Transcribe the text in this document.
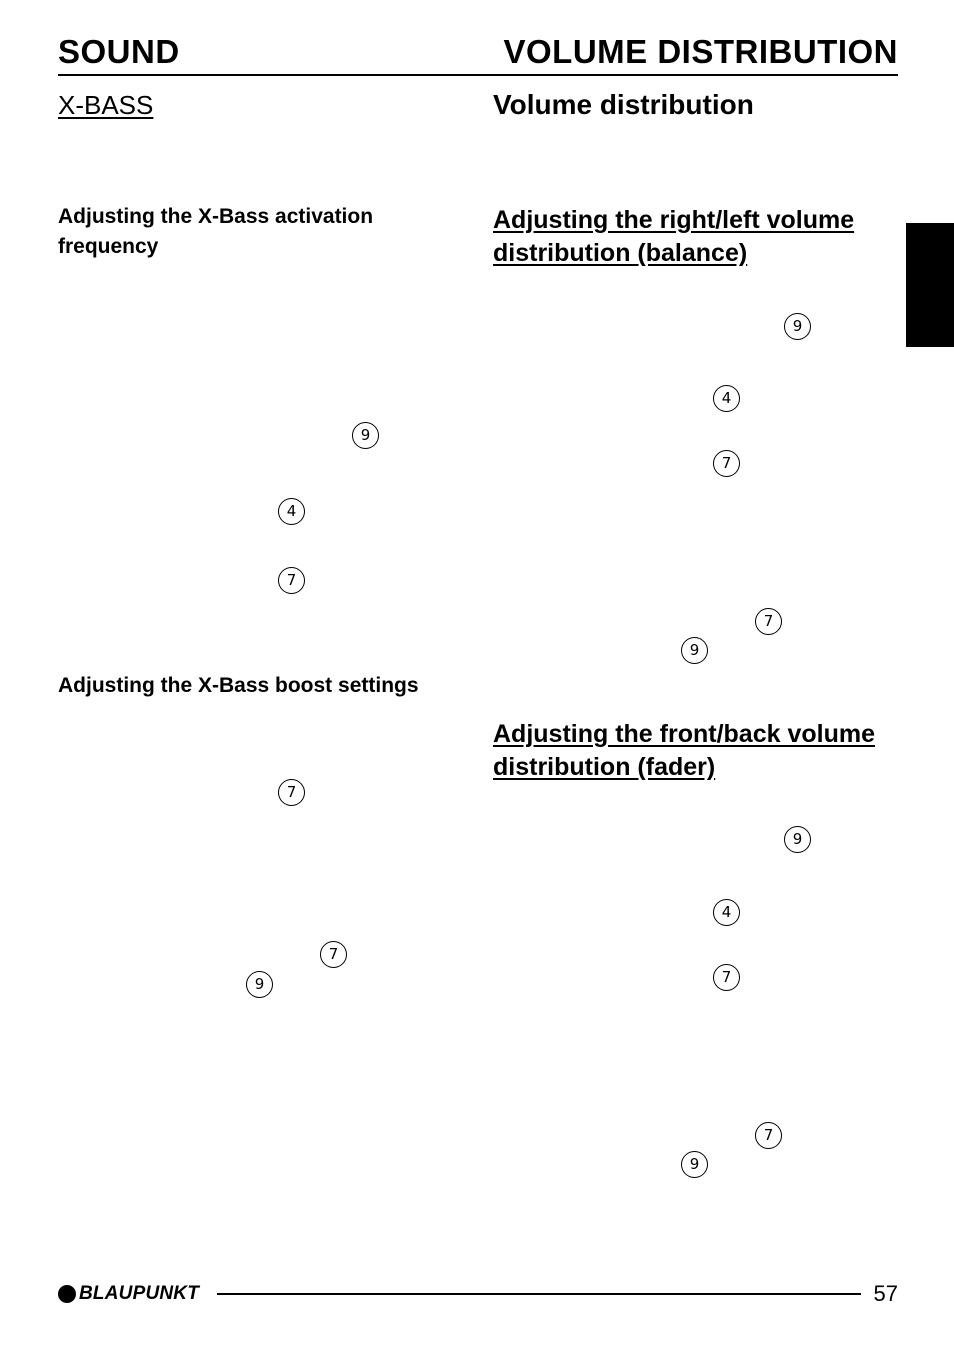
SOUND	VOLUME DISTRIBUTION
X-BASS
Adjusting the X-Bass activation frequency
9
4
7
Adjusting the X-Bass boost settings
7
7
9
Volume distribution
Adjusting the right/left volume distribution (balance)
9
4
7
7
9
Adjusting the front/back volume distribution (fader)
9
4
7
7
9
BLAUPUNKT	57
